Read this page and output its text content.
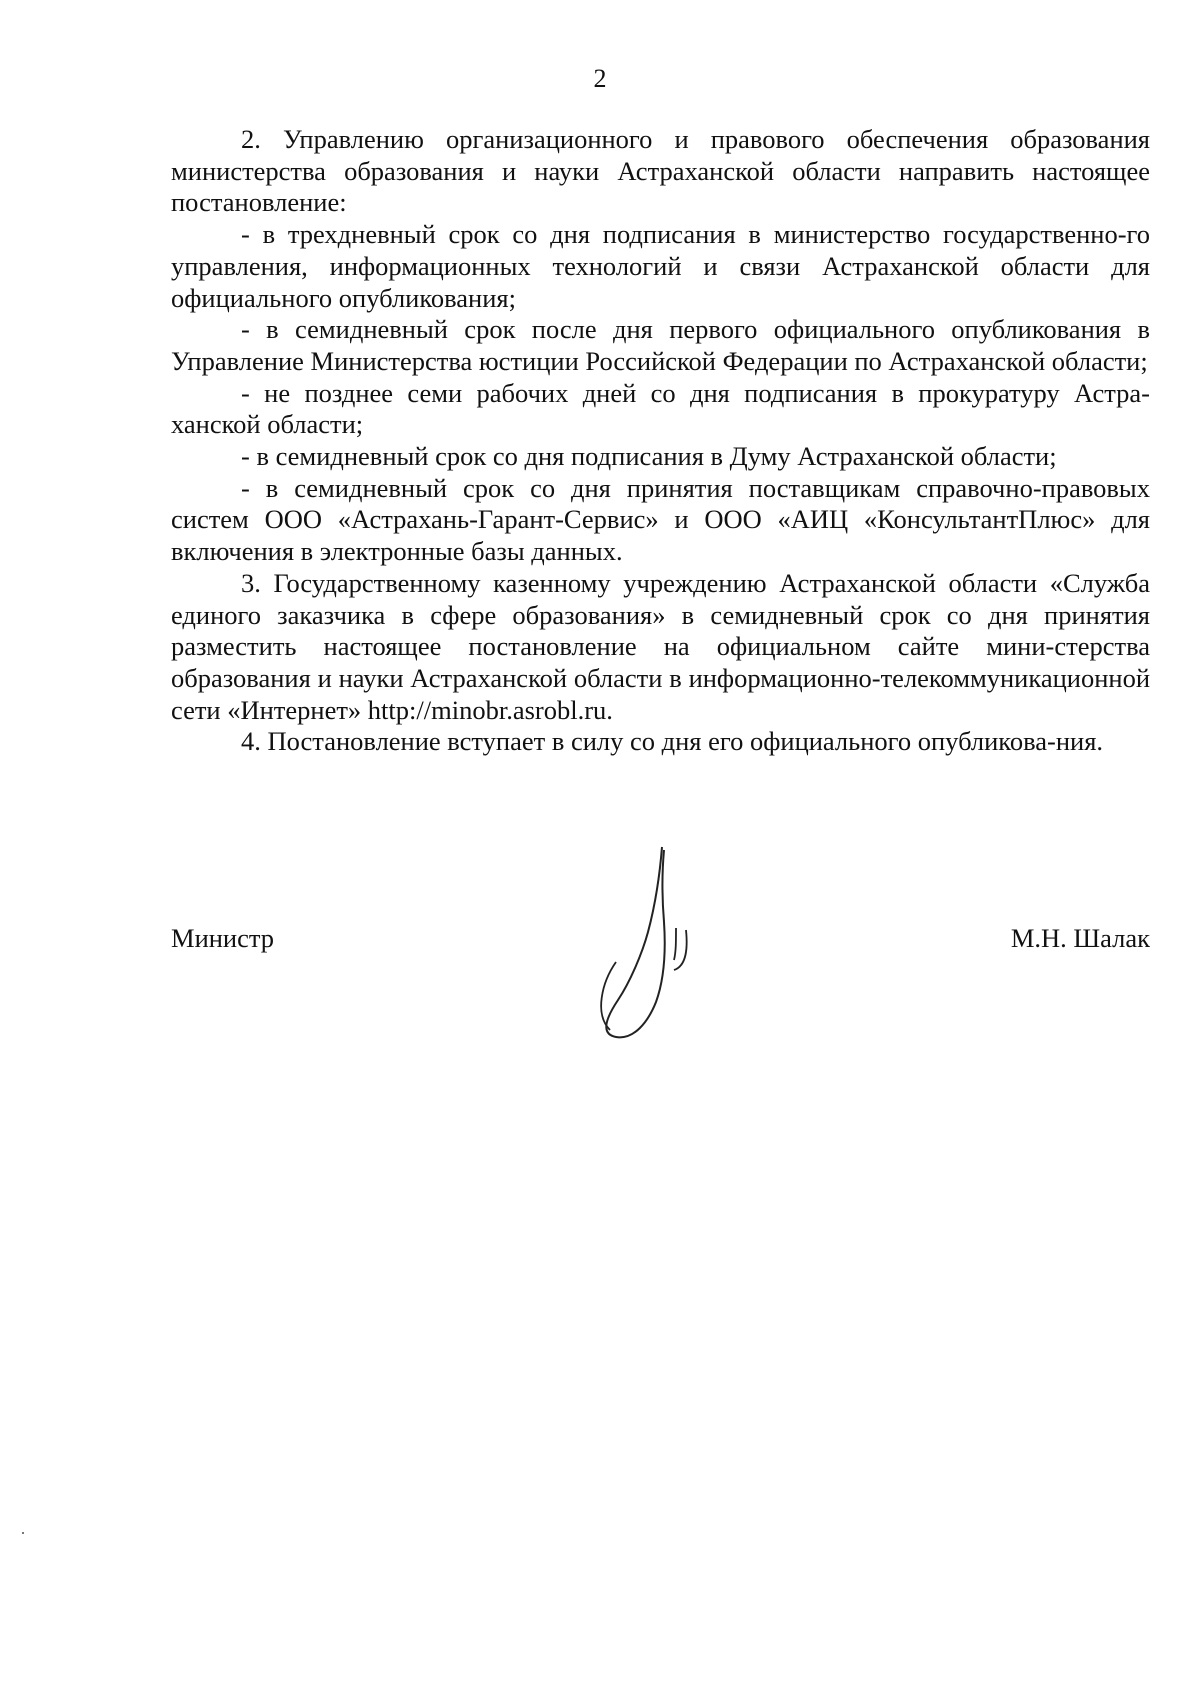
2

2. Управлению организационного и правового обеспечения образования министерства образования и науки Астраханской области направить настоящее постановление:

- в трехдневный срок со дня подписания в министерство государственно-го управления, информационных технологий и связи Астраханской области для официального опубликования;

- в семидневный срок после дня первого официального опубликования в Управление Министерства юстиции Российской Федерации по Астраханской области;

- не позднее семи рабочих дней со дня подписания в прокуратуру Астра-ханской области;

- в семидневный срок со дня подписания в Думу Астраханской области;

- в семидневный срок со дня принятия поставщикам справочно-правовых систем ООО «Астрахань-Гарант-Сервис» и ООО «АИЦ «КонсультантПлюс» для включения в электронные базы данных.

3. Государственному казенному учреждению Астраханской области «Служба единого заказчика в сфере образования» в семидневный срок со дня принятия разместить настоящее постановление на официальном сайте мини-стерства образования и науки Астраханской области в информационно-телекоммуникационной сети «Интернет» http://minobr.asrobl.ru.

4. Постановление вступает в силу со дня его официального опубликова-ния.

Министр	М.Н. Шалак
